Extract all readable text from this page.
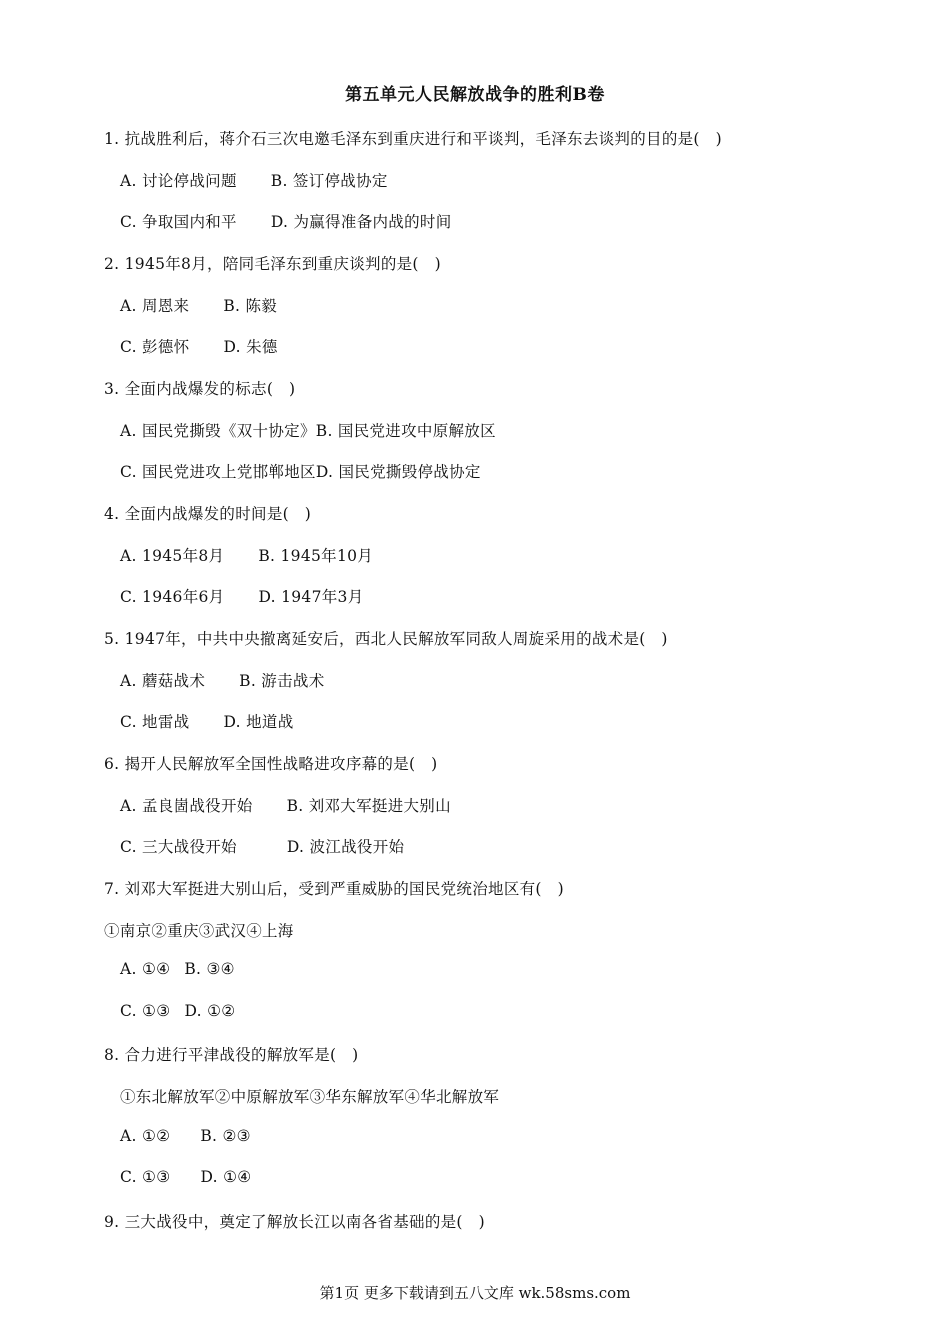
第五单元人民解放战争的胜利B卷
1. 抗战胜利后，蒋介石三次电邀毛泽东到重庆进行和平谈判，毛泽东去谈判的目的是(　)
A. 讨论停战问题 B. 签订停战协定
C. 争取国内和平 D. 为赢得准备内战的时间
2. 1945年8月，陪同毛泽东到重庆谈判的是(　)
A. 周恩来 B. 陈毅
C. 彭德怀 D. 朱德
3. 全面内战爆发的标志(　)
A. 国民党撕毁《双十协定》B. 国民党进攻中原解放区
C. 国民党进攻上党邯郸地区D. 国民党撕毁停战协定
4. 全面内战爆发的时间是(　)
A. 1945年8月 B. 1945年10月
C. 1946年6月 D. 1947年3月
5. 1947年，中共中央撤离延安后，西北人民解放军同敌人周旋采用的战术是(　)
A. 蘑菇战术 B. 游击战术
C. 地雷战 D. 地道战
6. 揭开人民解放军全国性战略进攻序幕的是(　)
A. 孟良崮战役开始 B. 刘邓大军挺进大别山
C. 三大战役开始	D. 波江战役开始
7. 刘邓大军挺进大别山后，受到严重威胁的国民党统治地区有(　)
①南京②重庆③武汉④上海
A. ①④ B. ③④
C. ①③ D. ①②
8. 合力进行平津战役的解放军是(　)
①东北解放军②中原解放军③华东解放军④华北解放军
A. ①② B. ②③
C. ①③ D. ①④
9. 三大战役中，奠定了解放长江以南各省基础的是(　)
第1页 更多下载请到五八文库 wk.58sms.com
